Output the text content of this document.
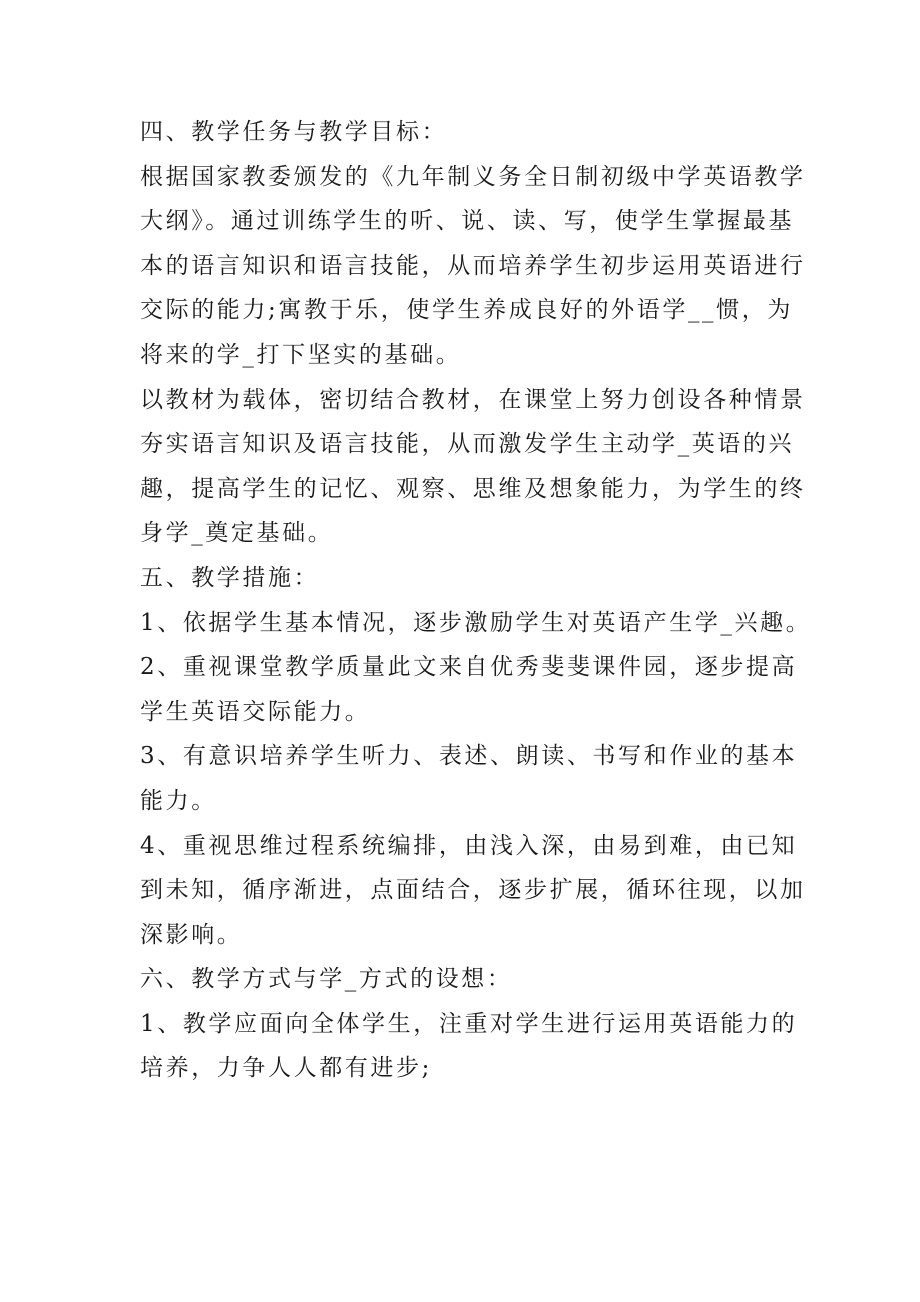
四、教学任务与教学目标：
根据国家教委颁发的《九年制义务全日制初级中学英语教学
大纲》。通过训练学生的听、说、读、写，使学生掌握最基
本的语言知识和语言技能，从而培养学生初步运用英语进行
交际的能力;寓教于乐，使学生养成良好的外语学__惯，为
将来的学_打下坚实的基础。
以教材为载体，密切结合教材，在课堂上努力创设各种情景
夯实语言知识及语言技能，从而激发学生主动学_英语的兴
趣，提高学生的记忆、观察、思维及想象能力，为学生的终
身学_奠定基础。
五、教学措施：
1、依据学生基本情况，逐步激励学生对英语产生学_兴趣。
2、重视课堂教学质量此文来自优秀斐斐课件园，逐步提高
学生英语交际能力。
3、有意识培养学生听力、表述、朗读、书写和作业的基本
能力。
4、重视思维过程系统编排，由浅入深，由易到难，由已知
到未知，循序渐进，点面结合，逐步扩展，循环往现，以加
深影响。
六、教学方式与学_方式的设想：
1、教学应面向全体学生，注重对学生进行运用英语能力的
培养，力争人人都有进步;
